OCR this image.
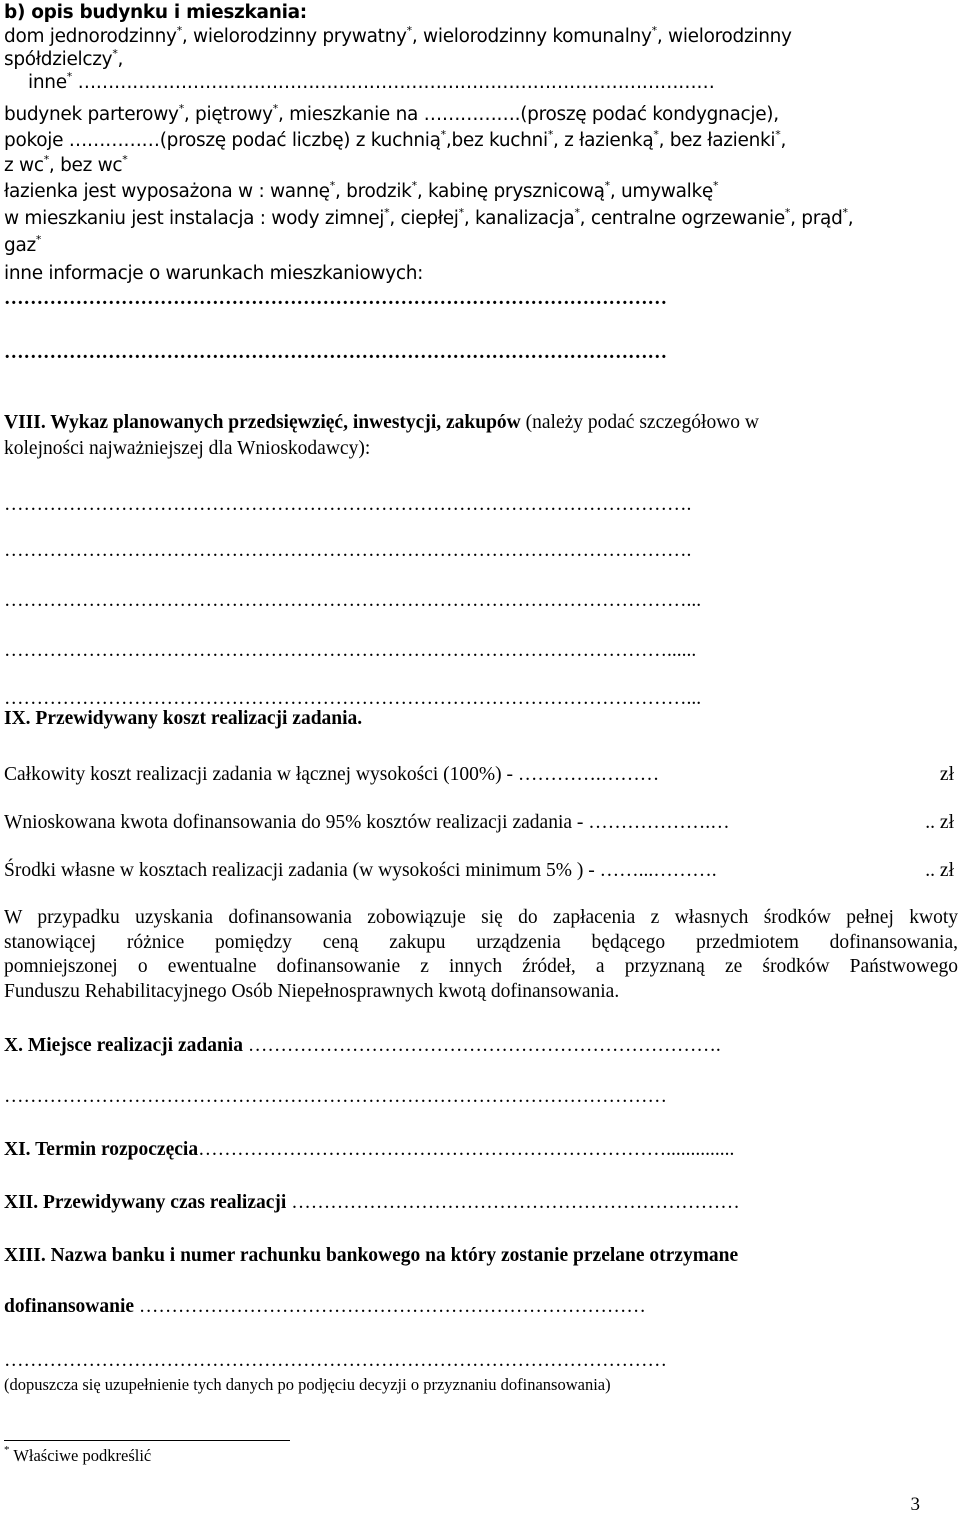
b) opis budynku i mieszkania:
dom jednorodzinny*, wielorodzinny prywatny*, wielorodzinny komunalny*, wielorodzinny
spółdzielczy*,
inne* ……………………………………………………………………………………………
budynek parterowy*, piętrowy*, mieszkanie na …………….(proszę podać kondygnacje),
pokoje ……………(proszę podać liczbę) z kuchnią*,bez kuchni*, z łazienką*, bez łazienki*,
z wc*, bez wc*
łazienka jest wyposażona w : wannę*, brodzik*, kabinę prysznicową*, umywalkę*
w mieszkaniu jest instalacja : wody zimnej*, ciepłej*, kanalizacja*, centralne ogrzewanie*, prąd*,
gaz*
inne informacje o warunkach mieszkaniowych:
…………………………………………………………………………………………
…………………………………………………………………………………………
VIII. Wykaz planowanych przedsięwzięć, inwestycji, zakupów (należy podać szczegółowo w
kolejności najważniejszej dla Wnioskodawcy):
…………………………………………………………………………………………….
…………………………………………………………………………………………….
……………………………………………………………………………………………...
…………………………………………………………………………………………......
……………………………………………………………………………………………...
IX. Przewidywany koszt realizacji zadania.
Całkowity koszt realizacji zadania w łącznej wysokości (100%) - ………….………	zł
Wnioskowana kwota dofinansowania do 95% kosztów realizacji zadania - ……………….…	.. zł
Środki własne w kosztach realizacji zadania (w wysokości minimum 5% ) - ……...……….	.. zł
W przypadku uzyskania dofinansowania zobowiązuje się do zapłacenia z własnych środków pełnej kwoty
stanowiącej różnice pomiędzy ceną zakupu urządzenia będącego przedmiotem dofinansowania,
pomniejszonej o ewentualne dofinansowanie z innych źródeł, a przyznaną ze środków Państwowego
Funduszu Rehabilitacyjnego Osób Niepełnosprawnych kwotą dofinansowania.
X. Miejsce realizacji zadania ……………………………………………………………….
…………………………………………………………………………………………
XI. Termin rozpoczęcia………………………………………………………………..............
XII. Przewidywany czas realizacji ……………………………………………………………
XIII. Nazwa banku i numer rachunku bankowego na który zostanie przelane otrzymane
dofinansowanie ……………………………………………………………………
…………………………………………………………………………………………
(dopuszcza się uzupełnienie tych danych po podjęciu decyzji o przyznaniu dofinansowania)
* Właściwe podkreślić
3
